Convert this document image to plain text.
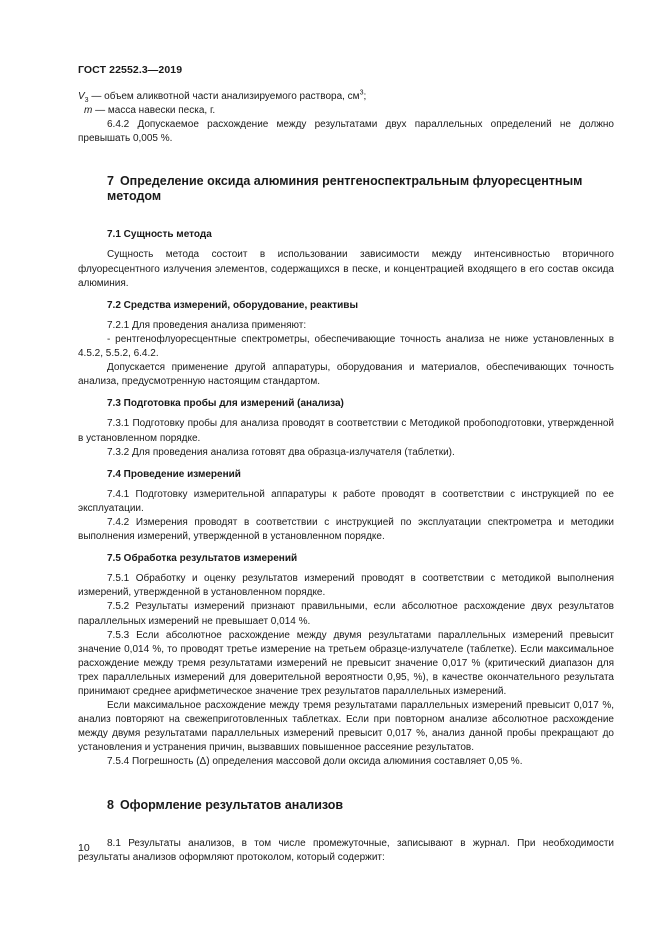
ГОСТ 22552.3—2019
$V_3$ — объем аликвотной части анализируемого раствора, $см^3$;
m — масса навески песка, г.

6.4.2 Допускаемое расхождение между результатами двух параллельных определений не должно превышать 0,005 %.

7 Определение оксида алюминия рентгеноспектральным флуоресцентным методом
7.1 Сущность метода

Сущность метода состоит в использовании зависимости между интенсивностью вторичного флуоресцентного излучения элементов, содержащихся в песке, и концентрацией входящего в его состав оксида алюминия.

7.2 Средства измерений, оборудование, реактивы

7.2.1 Для проведения анализа применяют:

- рентгенофлуоресцентные спектрометры, обеспечивающие точность анализа не ниже установленных в 4.5.2, 5.5.2, 6.4.2.

Допускается применение другой аппаратуры, оборудования и материалов, обеспечивающих точность анализа, предусмотренную настоящим стандартом.

7.3 Подготовка пробы для измерений (анализа)

7.3.1 Подготовку пробы для анализа проводят в соответствии с Методикой пробоподготовки, утвержденной в установленном порядке.

7.3.2 Для проведения анализа готовят два образца-излучателя (таблетки).

7.4 Проведение измерений

7.4.1 Подготовку измерительной аппаратуры к работе проводят в соответствии с инструкцией по ее эксплуатации.

7.4.2 Измерения проводят в соответствии с инструкцией по эксплуатации спектрометра и методики выполнения измерений, утвержденной в установленном порядке.

7.5 Обработка результатов измерений

7.5.1 Обработку и оценку результатов измерений проводят в соответствии с методикой выполнения измерений, утвержденной в установленном порядке.

7.5.2 Результаты измерений признают правильными, если абсолютное расхождение двух результатов параллельных измерений не превышает 0,014 %.

7.5.3 Если абсолютное расхождение между двумя результатами параллельных измерений превысит значение 0,014 %, то проводят третье измерение на третьем образце-излучателе (таблетке). Если максимальное расхождение между тремя результатами измерений не превысит значение 0,017 % (критический диапазон для трех параллельных измерений для доверительной вероятности 0,95, %), в качестве окончательного результата принимают среднее арифметическое значение трех результатов параллельных измерений.

Если максимальное расхождение между тремя результатами параллельных измерений превысит 0,017 %, анализ повторяют на свежеприготовленных таблетках. Если при повторном анализе абсолютное расхождение между двумя результатами параллельных измерений превысит 0,017 %, анализ данной пробы прекращают до установления и устранения причин, вызвавших повышенное рассеяние результатов.

7.5.4 Погрешность (Δ) определения массовой доли оксида алюминия составляет 0,05 %.

8 Оформление результатов анализов

8.1 Результаты анализов, в том числе промежуточные, записывают в журнал. При необходимости результаты анализов оформляют протоколом, который содержит:

10
